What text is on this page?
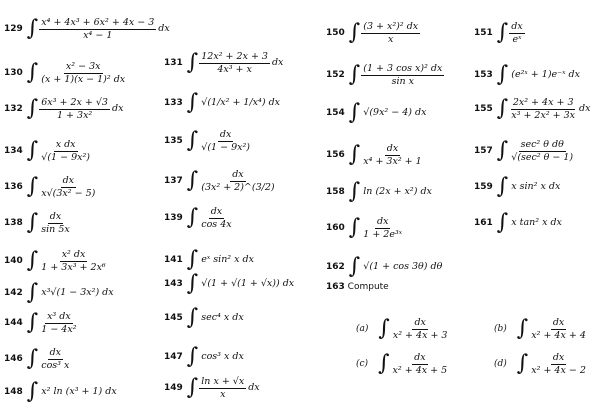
163 Compute
129 ∫ $\frac{\text{x⁴ + 4x³ + 6x² + 4x − 3}}{\text{x⁴ − 1}}$ dx
130 ∫ $\frac{\text{x² − 3x}}{\text{(x + 1)(x − 1)² dx}}$	131 ∫ $\frac{\text{12x² + 2x + 3}}{\text{4x³ + x}}$ dx
132 ∫ $\frac{\text{6x³ + 2x + √3}}{\text{1 + 3x²}}$ dx
133 ∫ √(1/x² + 1/x⁴) dx
134 ∫ $\frac{\text{x dx}}{\text{√(1 − 9x²)}}$	135 ∫ $\frac{dx}{\text{√(1 − 9x²)}}$
136 ∫ $\frac{dx}{\text{x√(3x² − 5)}}$	137 ∫ $\frac{dx}{\text{(3x² + 2)\textasciicircum{}(3/2)}}$
138 ∫ $\frac{dx}{\sin 5x}$	139 ∫ $\frac{dx}{\cos 4x}$
140 ∫ $\frac{\text{x² dx}}{\text{1 + 3x³ + 2x⁶}}$	141 ∫ eˣ sin² x dx
142 ∫ x³√(1 − 3x²) dx
143 ∫ √(1 + √(1 + √x)) dx
144 ∫ $\frac{\text{x³ dx}}{\text{1 − 4x²}}$	145 ∫ sec⁴ x dx
146 ∫ $\frac{dx}{\text{cos³ x}}$	147 ∫ cos³ x dx
148 ∫ x² ln (x³ + 1) dx	149 ∫ $\frac{\text{ln x + √x}}{x}$ dx
150 ∫ $\frac{\text{(3 + x²)² dx}}{x}$	151 ∫ $\frac{dx}{\text{eˣ}}$
152 ∫ $\frac{\text{(1 + 3 cos x)² dx}}{\text{sin x}}$	153 ∫ (e²ˣ + 1)e⁻ˣ dx
154 ∫ √(9x² − 4) dx	155 ∫ $\frac{\text{2x² + 4x + 3}}{\text{x³ + 2x² + 3x}}$ dx
156 ∫ $\frac{dx}{\text{x⁴ + 3x² + 1}}$	157 ∫ $\frac{\text{sec² θ dθ}}{\text{√(sec² θ − 1)}}$
158 ∫ ln (2x + x²) dx	159 ∫ x sin² x dx
160 ∫ $\frac{dx}{\text{1 + 2e³ˣ}}$	161 ∫ x tan² x dx
162 ∫ √(1 + cos 3θ) dθ
(a) ∫ $\frac{dx}{\text{x² + 4x + 3}}$	(b) ∫ $\frac{dx}{\text{x² + 4x + 4}}$
(c) ∫ $\frac{dx}{\text{x² + 4x + 5}}$	(d) ∫ $\frac{dx}{\text{x² + 4x − 2}}$
